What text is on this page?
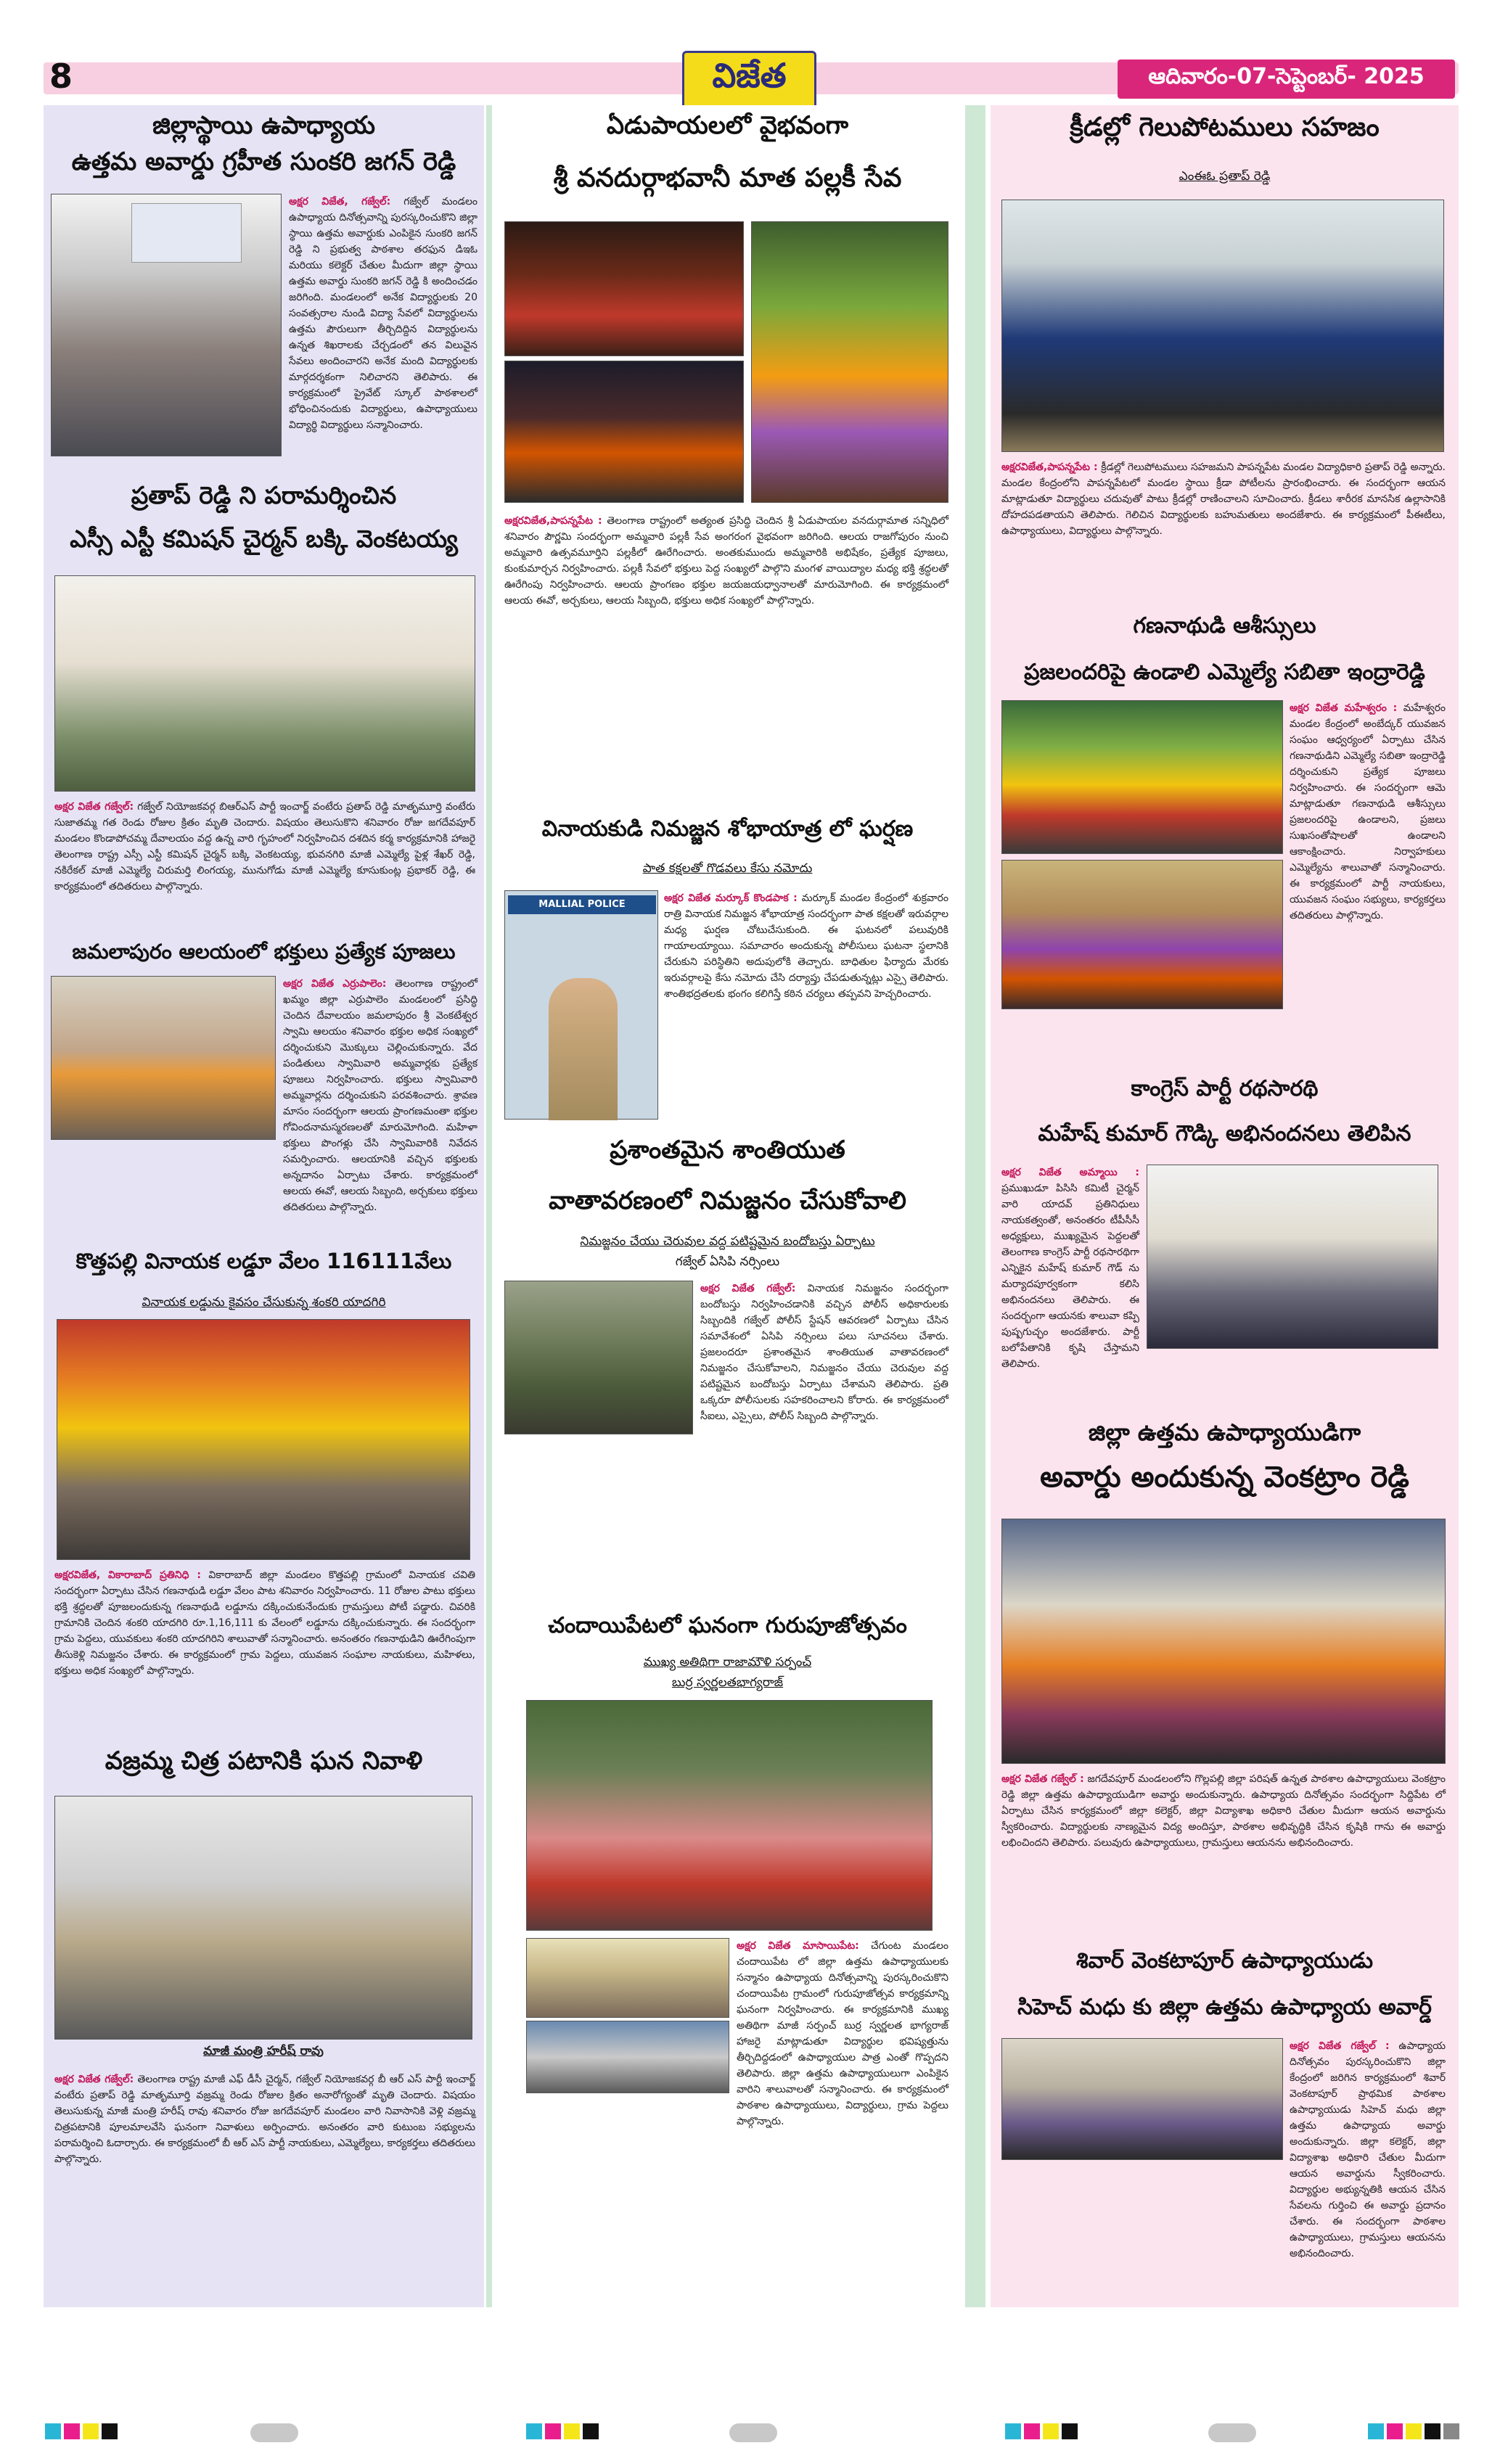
8	విజేత	ఆదివారం-07-సెప్టెంబర్- 2025
జిల్లాస్థాయి ఉపాధ్యాయ
ఉత్తమ అవార్డు గ్రహీత సుంకరి జగన్ రెడ్డి
అక్షర విజేత, గజ్వేల్: గజ్వేల్ మండలం ఉపాధ్యాయ దినోత్సవాన్ని పురస్కరించుకొని జిల్లా స్థాయి ఉత్తమ అవార్డుకు ఎంపికైన సుంకరి జగన్ రెడ్డి ని ప్రభుత్వ పాఠశాల తరఫున డిఇఓ మరియు కలెక్టర్ చేతుల మీదుగా జిల్లా స్థాయి ఉత్తమ అవార్డు సుంకరి జగన్ రెడ్డి కి అందించడం జరిగింది. మండలంలో అనేక విద్యార్థులకు 20 సంవత్సరాల నుండి విద్యా సేవలో విద్యార్థులను ఉత్తమ పౌరులుగా తీర్చిదిద్దిన విద్యార్థులను ఉన్నత శిఖరాలకు చేర్చడంలో తన విలువైన సేవలు అందించారని అనేక మంది విద్యార్థులకు మార్గదర్శకంగా నిలిచారని తెలిపారు. ఈ కార్యక్రమంలో ప్రైవేట్ స్కూల్ పాఠశాలలో భోధించినందుకు విద్యార్థులు, ఉపాధ్యాయులు విద్యార్థి విద్యార్థులు సన్మానించారు.
ప్రతాప్ రెడ్డి ని పరామర్శించిన
ఎస్సీ ఎస్టీ కమిషన్ చైర్మన్ బక్కి వెంకటయ్య
అక్షర విజేత గజ్వేల్: గజ్వేల్ నియోజకవర్గ బిఆర్ఎస్ పార్టీ ఇంచార్జ్ వంటేరు ప్రతాప్ రెడ్డి మాతృమూర్తి వంటేరు సుజాతమ్మ గత రెండు రోజుల క్రితం మృతి చెందారు. విషయం తెలుసుకొని శనివారం రోజు జగదేవపూర్ మండలం కొండాపోచమ్మ దేవాలయం వద్ద ఉన్న వారి గృహంలో నిర్వహించిన దశదిన కర్మ కార్యక్రమానికి హాజరై తెలంగాణ రాష్ట్ర ఎస్సీ ఎస్టీ కమిషన్ చైర్మన్ బక్కి వెంకటయ్య, భువనగిరి మాజీ ఎమ్మెల్యే పైళ్ల శేఖర్ రెడ్డి, నకిరేకల్ మాజీ ఎమ్మెల్యే చిరుమర్తి లింగయ్య, మునుగోడు మాజీ ఎమ్మెల్యే కూసుకుంట్ల ప్రభాకర్ రెడ్డి, ఈ కార్యక్రమంలో తదితరులు పాల్గొన్నారు.
జమలాపురం ఆలయంలో భక్తులు ప్రత్యేక పూజలు
అక్షర విజేత ఎర్రుపాలెం: తెలంగాణ రాష్ట్రంలో ఖమ్మం జిల్లా ఎర్రుపాలెం మండలంలో ప్రసిద్ధి చెందిన దేవాలయం జమలాపురం శ్రీ వెంకటేశ్వర స్వామి ఆలయం శనివారం భక్తుల అధిక సంఖ్యలో దర్శించుకుని మొక్కులు చెల్లించుకున్నారు. వేద పండితులు స్వామివారి అమ్మవార్లకు ప్రత్యేక పూజలు నిర్వహించారు. భక్తులు స్వామివారి అమ్మవార్లను దర్శించుకుని పరవశించారు. శ్రావణ మాసం సందర్భంగా ఆలయ ప్రాంగణమంతా భక్తుల గోవిందనామస్మరణలతో మారుమోగింది. మహిళా భక్తులు పొంగళ్లు చేసి స్వామివారికి నివేదన సమర్పించారు. ఆలయానికి వచ్చిన భక్తులకు అన్నదానం ఏర్పాటు చేశారు. కార్యక్రమంలో ఆలయ ఈవో, ఆలయ సిబ్బంది, అర్చకులు భక్తులు తదితరులు పాల్గొన్నారు.
కొత్తపల్లి వినాయక లడ్డూ వేలం 116111వేలు
వినాయక లడ్డును కైవసం చేసుకున్న శంకరి యాదగిరి
అక్షరవిజేత, వికారాబాద్ ప్రతినిధి : వికారాబాద్ జిల్లా మండలం కొత్తపల్లి గ్రామంలో వినాయక చవితి సందర్భంగా ఏర్పాటు చేసిన గణనాథుడి లడ్డూ వేలం పాట శనివారం నిర్వహించారు. 11 రోజుల పాటు భక్తులు భక్తి శ్రద్ధలతో పూజలందుకున్న గణనాథుడి లడ్డూను దక్కించుకునేందుకు గ్రామస్తులు పోటీ పడ్డారు. చివరికి గ్రామానికి చెందిన శంకరి యాదగిరి రూ.1,16,111 కు వేలంలో లడ్డూను దక్కించుకున్నారు. ఈ సందర్భంగా గ్రామ పెద్దలు, యువకులు శంకరి యాదగిరిని శాలువాతో సన్మానించారు. అనంతరం గణనాథుడిని ఊరేగింపుగా తీసుకెళ్లి నిమజ్జనం చేశారు. ఈ కార్యక్రమంలో గ్రామ పెద్దలు, యువజన సంఘాల నాయకులు, మహిళలు, భక్తులు అధిక సంఖ్యలో పాల్గొన్నారు.
వజ్రమ్మ చిత్ర పటానికి ఘన నివాళి
మాజీ మంత్రి హరీష్ రావు
అక్షర విజేత గజ్వేల్: తెలంగాణ రాష్ట్ర మాజీ ఎఫ్ డీసీ చైర్మన్, గజ్వేల్ నియోజకవర్గ బీ ఆర్ ఎస్ పార్టీ ఇంచార్జ్ వంటేరు ప్రతాప్ రెడ్డి మాతృమూర్తి వజ్రమ్మ రెండు రోజుల క్రితం అనారోగ్యంతో మృతి చెందారు. విషయం తెలుసుకున్న మాజీ మంత్రి హరీష్ రావు శనివారం రోజు జగదేవపూర్ మండలం వారి నివాసానికి వెళ్లి వజ్రమ్మ చిత్రపటానికి పూలమాలవేసి ఘనంగా నివాళులు అర్పించారు. అనంతరం వారి కుటుంబ సభ్యులను పరామర్శించి ఓదార్చారు. ఈ కార్యక్రమంలో బీ ఆర్ ఎస్ పార్టీ నాయకులు, ఎమ్మెల్యేలు, కార్యకర్తలు తదితరులు పాల్గొన్నారు.
ఏడుపాయలలో వైభవంగా
శ్రీ వనదుర్గాభవానీ మాత పల్లకీ సేవ
అక్షరవిజేత,పాపన్నపేట : తెలంగాణ రాష్ట్రంలో అత్యంత ప్రసిద్ధి చెందిన శ్రీ ఏడుపాయల వనదుర్గామాత సన్నిధిలో శనివారం పౌర్ణమి సందర్భంగా అమ్మవారి పల్లకీ సేవ అంగరంగ వైభవంగా జరిగింది. ఆలయ రాజగోపురం నుంచి అమ్మవారి ఉత్సవమూర్తిని పల్లకీలో ఊరేగించారు. అంతకుముందు అమ్మవారికి అభిషేకం, ప్రత్యేక పూజలు, కుంకుమార్చన నిర్వహించారు. పల్లకీ సేవలో భక్తులు పెద్ద సంఖ్యలో పాల్గొని మంగళ వాయిద్యాల మధ్య భక్తి శ్రద్ధలతో ఊరేగింపు నిర్వహించారు. ఆలయ ప్రాంగణం భక్తుల జయజయధ్వానాలతో మారుమోగింది. ఈ కార్యక్రమంలో ఆలయ ఈవో, అర్చకులు, ఆలయ సిబ్బంది, భక్తులు అధిక సంఖ్యలో పాల్గొన్నారు.
వినాయకుడి నిమజ్జన శోభాయాత్ర లో ఘర్షణ
పాత కక్షలతో గొడవలు కేసు నమోదు
MALLIAL POLICE
అక్షర విజేత మర్కూక్ కొండపాక : మర్కూక్ మండల కేంద్రంలో శుక్రవారం రాత్రి వినాయక నిమజ్జన శోభాయాత్ర సందర్భంగా పాత కక్షలతో ఇరువర్గాల మధ్య ఘర్షణ చోటుచేసుకుంది. ఈ ఘటనలో పలువురికి గాయాలయ్యాయి. సమాచారం అందుకున్న పోలీసులు ఘటనా స్థలానికి చేరుకుని పరిస్థితిని అదుపులోకి తెచ్చారు. బాధితుల ఫిర్యాదు మేరకు ఇరువర్గాలపై కేసు నమోదు చేసి దర్యాప్తు చేపడుతున్నట్లు ఎస్సై తెలిపారు. శాంతిభద్రతలకు భంగం కలిగిస్తే కఠిన చర్యలు తప్పవని హెచ్చరించారు.
ప్రశాంతమైన శాంతియుత
వాతావరణంలో నిమజ్జనం చేసుకోవాలి
నిమజ్జనం చేయు చెరువుల వద్ద పటిష్టమైన బందోబస్తు ఏర్పాటు
గజ్వేల్ ఏసిపి నర్సింలు
అక్షర విజేత గజ్వేల్: వినాయక నిమజ్జనం సందర్భంగా బందోబస్తు నిర్వహించడానికి వచ్చిన పోలీస్ అధికారులకు సిబ్బందికి గజ్వేల్ పోలీస్ స్టేషన్ ఆవరణలో ఏర్పాటు చేసిన సమావేశంలో ఏసిపి నర్సింలు పలు సూచనలు చేశారు. ప్రజలందరూ ప్రశాంతమైన శాంతియుత వాతావరణంలో నిమజ్జనం చేసుకోవాలని, నిమజ్జనం చేయు చెరువుల వద్ద పటిష్టమైన బందోబస్తు ఏర్పాటు చేశామని తెలిపారు. ప్రతి ఒక్కరూ పోలీసులకు సహకరించాలని కోరారు. ఈ కార్యక్రమంలో సీఐలు, ఎస్సైలు, పోలీస్ సిబ్బంది పాల్గొన్నారు.
చందాయిపేటలో ఘనంగా గురుపూజోత్సవం
ముఖ్య అతిథిగా రాజామౌళి సర్పంచ్
బుర్ర స్వర్ణలతభాగ్యరాజ్
అక్షర విజేత మాసాయిపేట: చేగుంట మండలం చందాయిపేట లో జిల్లా ఉత్తమ ఉపాధ్యాయులకు సన్మానం ఉపాధ్యాయ దినోత్సవాన్ని పురస్కరించుకొని చందాయిపేట గ్రామంలో గురుపూజోత్సవ కార్యక్రమాన్ని ఘనంగా నిర్వహించారు. ఈ కార్యక్రమానికి ముఖ్య అతిథిగా మాజీ సర్పంచ్ బుర్ర స్వర్ణలత భాగ్యరాజ్ హాజరై మాట్లాడుతూ విద్యార్థుల భవిష్యత్తును తీర్చిదిద్దడంలో ఉపాధ్యాయుల పాత్ర ఎంతో గొప్పదని తెలిపారు. జిల్లా ఉత్తమ ఉపాధ్యాయులుగా ఎంపికైన వారిని శాలువాలతో సన్మానించారు. ఈ కార్యక్రమంలో పాఠశాల ఉపాధ్యాయులు, విద్యార్థులు, గ్రామ పెద్దలు పాల్గొన్నారు.
క్రీడల్లో గెలుపోటములు సహజం
ఎంఈఓ ప్రతాప్ రెడ్డి
అక్షరవిజేత,పాపన్నపేట : క్రీడల్లో గెలుపోటములు సహజమని పాపన్నపేట మండల విద్యాధికారి ప్రతాప్ రెడ్డి అన్నారు. మండల కేంద్రంలోని పాపన్నపేటలో మండల స్థాయి క్రీడా పోటీలను ప్రారంభించారు. ఈ సందర్భంగా ఆయన మాట్లాడుతూ విద్యార్థులు చదువుతో పాటు క్రీడల్లో రాణించాలని సూచించారు. క్రీడలు శారీరక మానసిక ఉల్లాసానికి దోహదపడతాయని తెలిపారు. గెలిచిన విద్యార్థులకు బహుమతులు అందజేశారు. ఈ కార్యక్రమంలో పీఈటీలు, ఉపాధ్యాయులు, విద్యార్థులు పాల్గొన్నారు.
గణనాథుడి ఆశీస్సులు
ప్రజలందరిపై ఉండాలి ఎమ్మెల్యే సబితా ఇంద్రారెడ్డి
అక్షర విజేత మహేశ్వరం : మహేశ్వరం మండల కేంద్రంలో అంబేద్కర్ యువజన సంఘం ఆధ్వర్యంలో ఏర్పాటు చేసిన గణనాథుడిని ఎమ్మెల్యే సబితా ఇంద్రారెడ్డి దర్శించుకుని ప్రత్యేక పూజలు నిర్వహించారు. ఈ సందర్భంగా ఆమె మాట్లాడుతూ గణనాథుడి ఆశీస్సులు ప్రజలందరిపై ఉండాలని, ప్రజలు సుఖసంతోషాలతో ఉండాలని ఆకాంక్షించారు. నిర్వాహకులు ఎమ్మెల్యేను శాలువాతో సన్మానించారు. ఈ కార్యక్రమంలో పార్టీ నాయకులు, యువజన సంఘం సభ్యులు, కార్యకర్తలు తదితరులు పాల్గొన్నారు.
కాంగ్రెస్ పార్టీ రథసారథి
మహేష్ కుమార్ గౌడ్కి అభినందనలు తెలిపిన
అక్షర విజేత అమ్మాయి : ప్రముఖుడూ పిసిసి కమిటీ చైర్మన్ వారి యాదవ్ ప్రతినిధులు నాయకత్వంతో, అనంతరం టీపీసీసీ అధ్యక్షులు, ముఖ్యమైన పెద్దలతో తెలంగాణ కాంగ్రెస్ పార్టీ రథసారథిగా ఎన్నికైన మహేష్ కుమార్ గౌడ్ ను మర్యాదపూర్వకంగా కలిసి అభినందనలు తెలిపారు. ఈ సందర్భంగా ఆయనకు శాలువా కప్పి పుష్పగుచ్ఛం అందజేశారు. పార్టీ బలోపేతానికి కృషి చేస్తామని తెలిపారు.
జిల్లా ఉత్తమ ఉపాధ్యాయుడిగా
అవార్డు అందుకున్న వెంకట్రాం రెడ్డి
అక్షర విజేత గజ్వేల్ : జగదేవపూర్ మండలంలోని గొల్లపల్లి జిల్లా పరిషత్ ఉన్నత పాఠశాల ఉపాధ్యాయులు వెంకట్రాం రెడ్డి జిల్లా ఉత్తమ ఉపాధ్యాయుడిగా అవార్డు అందుకున్నారు. ఉపాధ్యాయ దినోత్సవం సందర్భంగా సిద్దిపేట లో ఏర్పాటు చేసిన కార్యక్రమంలో జిల్లా కలెక్టర్, జిల్లా విద్యాశాఖ అధికారి చేతుల మీదుగా ఆయన అవార్డును స్వీకరించారు. విద్యార్థులకు నాణ్యమైన విద్య అందిస్తూ, పాఠశాల అభివృద్ధికి చేసిన కృషికి గాను ఈ అవార్డు లభించిందని తెలిపారు. పలువురు ఉపాధ్యాయులు, గ్రామస్తులు ఆయనను అభినందించారు.
శివార్ వెంకటాపూర్ ఉపాధ్యాయుడు
సిహెచ్ మధు కు జిల్లా ఉత్తమ ఉపాధ్యాయ అవార్డ్
అక్షర విజేత గజ్వేల్ : ఉపాధ్యాయ దినోత్సవం పురస్కరించుకొని జిల్లా కేంద్రంలో జరిగిన కార్యక్రమంలో శివార్ వెంకటాపూర్ ప్రాథమిక పాఠశాల ఉపాధ్యాయుడు సిహెచ్ మధు జిల్లా ఉత్తమ ఉపాధ్యాయ అవార్డు అందుకున్నారు. జిల్లా కలెక్టర్, జిల్లా విద్యాశాఖ అధికారి చేతుల మీదుగా ఆయన అవార్డును స్వీకరించారు. విద్యార్థుల అభ్యున్నతికి ఆయన చేసిన సేవలను గుర్తించి ఈ అవార్డు ప్రదానం చేశారు. ఈ సందర్భంగా పాఠశాల ఉపాధ్యాయులు, గ్రామస్తులు ఆయనను అభినందించారు.
